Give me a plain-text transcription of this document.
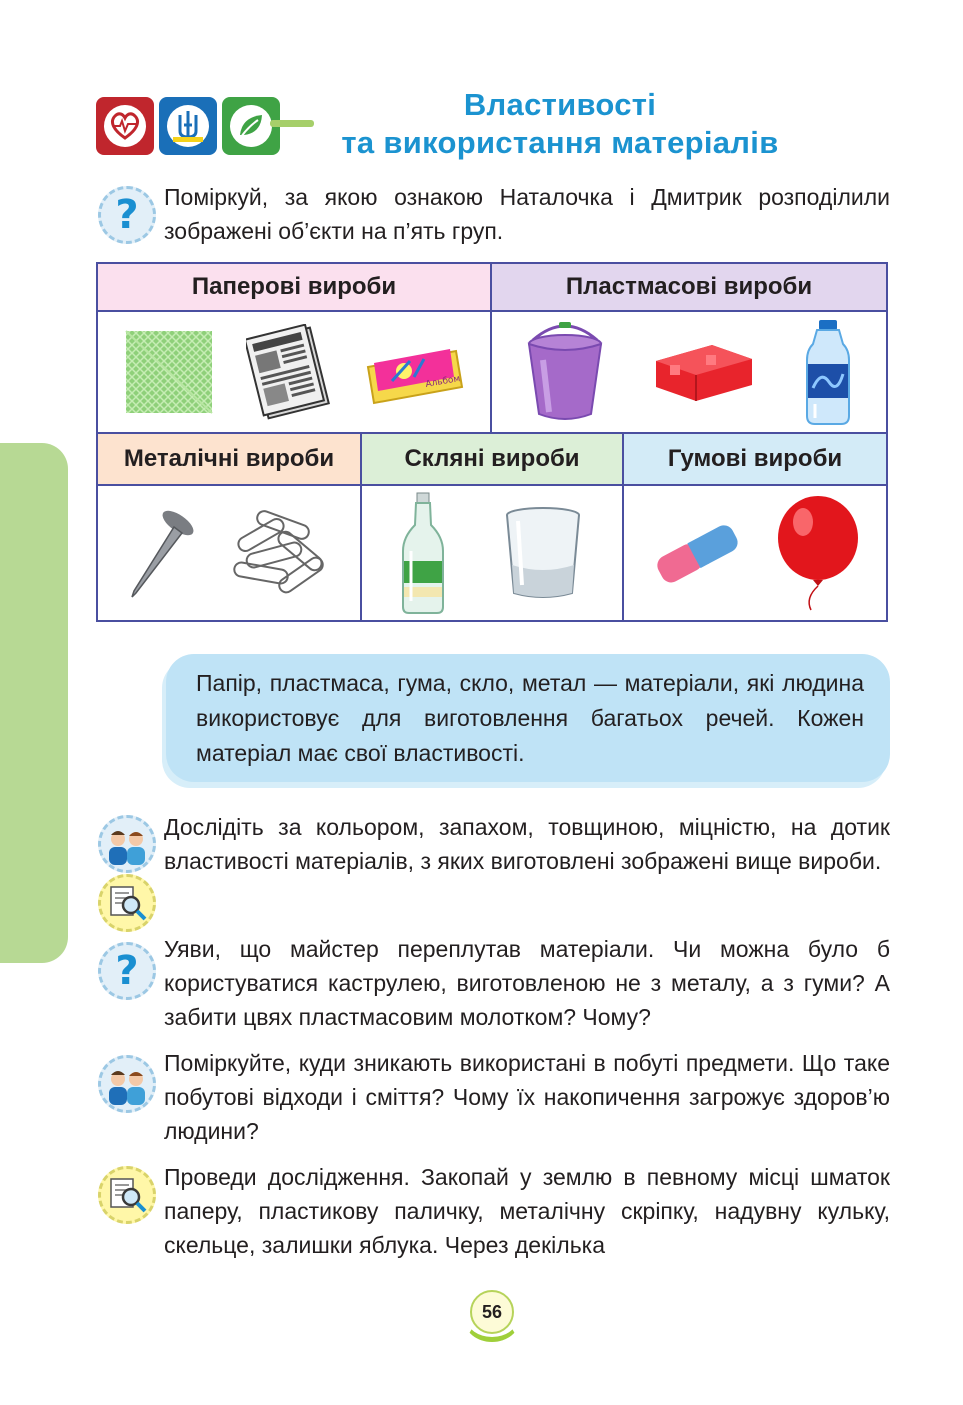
Властивості
та використання матеріалів
? Поміркуй, за якою ознакою Наталочка і Дмитрик розподілили зображені об’єкти на п’ять груп.

Паперові вироби	Пластмасові вироби
Альбом
Металічні вироби	Скляні вироби	Гумові вироби

Папір, пластмаса, гума, скло, метал — матеріали, які людина використовує для виготовлення багатьох речей. Кожен матеріал має свої властивості.

Дослідіть за кольором, запахом, товщиною, міцністю, на дотик властивості матеріалів, з яких виготовлені зображені вище вироби.

? Уяви, що майстер переплутав матеріали. Чи можна було б користуватися каструлею, виготовленою не з металу, а з гуми? А забити цвях пластмасовим молотком? Чому?

Поміркуйте, куди зникають використані в побуті предмети. Що таке побутові відходи і сміття? Чому їх накопичення загрожує здоров’ю людини?

Проведи дослідження. Закопай у землю в певному місці шматок паперу, пластикову паличку, металічну скріпку, надувну кульку, скельце, залишки яблука. Через декілька

56
